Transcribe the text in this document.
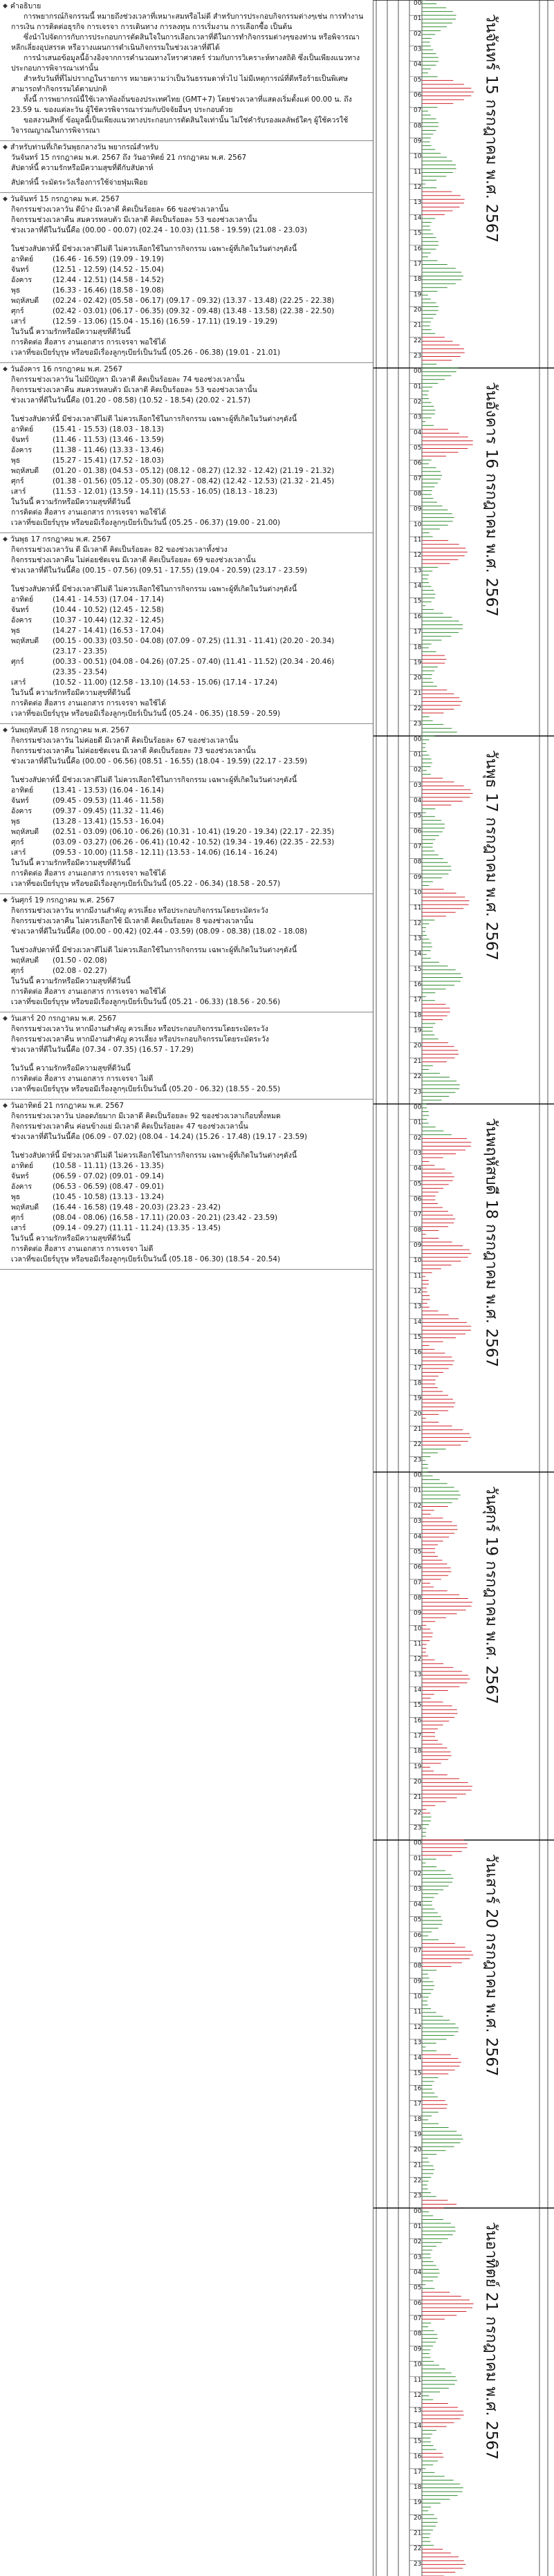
◆ คำอธิบาย

การพยากรณ์กิจกรรมนี้ หมายถึงช่วงเวลาที่เหมาะสมหรือไม่ดี สำหรับการประกอบกิจกรรมต่างๆเช่น การทำงาน การเงิน การติดต่อธุรกิจ การเจรจา การเดินทาง การลงทุน การเริ่มงาน การเลือกซื้อ เป็นต้น

ซึ่งนำไปจัดการกับการประกอบการตัดสินใจในการเลือกเวลาที่ดีในการทำกิจกรรมต่างๆของท่าน หรือพิจารณาหลีกเลี่ยงอุปสรรค หรือวางแผนการดำเนินกิจกรรมในช่วงเวลาที่ดีได้

การนำเสนอข้อมูลนี้อ้างอิงจากการคำนวณทางโหราศาสตร์ ร่วมกับการวิเคราะห์ทางสถิติ ซึ่งเป็นเพียงแนวทางประกอบการพิจารณาเท่านั้น

สำหรับวันที่ที่ไม่ปรากฏในรายการ หมายความว่าเป็นวันธรรมดาทั่วไป ไม่มีเหตุการณ์ที่ดีหรือร้ายเป็นพิเศษ สามารถทำกิจกรรมได้ตามปกติ

ทั้งนี้ การพยากรณ์นี้ใช้เวลาท้องถิ่นของประเทศไทย (GMT+7) โดยช่วงเวลาที่แสดงเริ่มตั้งแต่ 00.00 น. ถึง 23.59 น. ของแต่ละวัน ผู้ใช้ควรพิจารณาร่วมกับปัจจัยอื่นๆ ประกอบด้วย

ขอสงวนสิทธิ์ ข้อมูลนี้เป็นเพียงแนวทางประกอบการตัดสินใจเท่านั้น ไม่ใช่คำรับรองผลลัพธ์ใดๆ ผู้ใช้ควรใช้วิจารณญาณในการพิจารณา

◆ สำหรับท่านที่เกิดวันพุธกลางวัน พยากรณ์สำหรับ
วันจันทร์ 15 กรกฎาคม พ.ศ. 2567 ถึง วันอาทิตย์ 21 กรกฎาคม พ.ศ. 2567
สัปดาห์นี้ ความรักหรือมีความสุขที่ดีกับสัปดาห์
สัปดาห์นี้ ระมัดระวังเรื่องการใช้จ่ายฟุ่มเฟือย
◆ วันจันทร์ 15 กรกฎาคม พ.ศ. 2567
กิจกรรมช่วงเวลาวัน ดีบ้าง มีเวลาดี คิดเป็นร้อยละ 66 ของช่วงเวลานั้น
กิจกรรมช่วงเวลาคืน สมควรหลบตัว มีเวลาดี คิดเป็นร้อยละ 53 ของช่วงเวลานั้น
ช่วงเวลาที่ดีในวันนี้คือ (00.00 - 00.07) (02.24 - 10.03) (11.58 - 19.59) (21.08 - 23.03)
ในช่วงสัปดาห์นี้ มีช่วงเวลาดีไม่ดี ไม่ควรเลือกใช้ในการกิจกรรม เฉพาะผู้ที่เกิดในวันต่างๆดังนี้
อาทิตย์	(16.46 - 16.59) (19.09 - 19.19)
จันทร์	(12.51 - 12.59) (14.52 - 15.04)
อังคาร	(12.44 - 12.51) (14.58 - 14.52)
พุธ	(16.33 - 16.46) (18.58 - 19.08)
พฤหัสบดี	(02.24 - 02.42) (05.58 - 06.17) (09.17 - 09.32) (13.37 - 13.48) (22.25 - 22.38)
ศุกร์	(02.42 - 03.01) (06.17 - 06.35) (09.32 - 09.48) (13.48 - 13.58) (22.38 - 22.50)
เสาร์	(12.59 - 13.06) (15.04 - 15.16) (16.59 - 17.11) (19.19 - 19.29)
ในวันนี้ ความรักหรือมีความสุขที่ดีวันนี้
การติดต่อ สื่อสาร งานเอกสาร การเจรจา พอใช้ได้
เวลาที่ขอเบียร์บุรุษ หรือขอมีเรื่องลูกๆเบียร์เป็นวันนี้ (05.26 - 06.38) (19.01 - 21.01)
◆ วันอังคาร 16 กรกฎาคม พ.ศ. 2567
กิจกรรมช่วงเวลาวัน ไม่มีปัญหา มีเวลาดี คิดเป็นร้อยละ 74 ของช่วงเวลานั้น
กิจกรรมช่วงเวลาคืน สมควรหลบตัว มีเวลาดี คิดเป็นร้อยละ 53 ของช่วงเวลานั้น
ช่วงเวลาที่ดีในวันนี้คือ (01.20 - 08.58) (10.52 - 18.54) (20.02 - 21.57)
ในช่วงสัปดาห์นี้ มีช่วงเวลาดีไม่ดี ไม่ควรเลือกใช้ในการกิจกรรม เฉพาะผู้ที่เกิดในวันต่างๆดังนี้
อาทิตย์	(15.41 - 15.53) (18.03 - 18.13)
จันทร์	(11.46 - 11.53) (13.46 - 13.59)
อังคาร	(11.38 - 11.46) (13.33 - 13.46)
พุธ	(15.27 - 15.41) (17.52 - 18.03)
พฤหัสบดี	(01.20 - 01.38) (04.53 - 05.12) (08.12 - 08.27) (12.32 - 12.42) (21.19 - 21.32)
ศุกร์	(01.38 - 01.56) (05.12 - 05.30) (08.27 - 08.42) (12.42 - 12.53) (21.32 - 21.45)
เสาร์	(11.53 - 12.01) (13.59 - 14.11) (15.53 - 16.05) (18.13 - 18.23)
ในวันนี้ ความรักหรือมีความสุขที่ดีวันนี้
การติดต่อ สื่อสาร งานเอกสาร การเจรจา พอใช้ได้
เวลาที่ขอเบียร์บุรุษ หรือขอมีเรื่องลูกๆเบียร์เป็นวันนี้ (05.25 - 06.37) (19.00 - 21.00)
◆ วันพุธ 17 กรกฎาคม พ.ศ. 2567
กิจกรรมช่วงเวลาวัน ดี มีเวลาดี คิดเป็นร้อยละ 82 ของช่วงเวลาทั้งช่วง
กิจกรรมช่วงเวลาคืน ไม่ค่อยชัดเจน มีเวลาดี คิดเป็นร้อยละ 69 ของช่วงเวลานั้น
ช่วงเวลาที่ดีในวันนี้คือ (00.15 - 07.56) (09.51 - 17.55) (19.04 - 20.59) (23.17 - 23.59)
ในช่วงสัปดาห์นี้ มีช่วงเวลาดีไม่ดี ไม่ควรเลือกใช้ในการกิจกรรม เฉพาะผู้ที่เกิดในวันต่างๆดังนี้
อาทิตย์	(14.41 - 14.53) (17.04 - 17.14)
จันทร์	(10.44 - 10.52) (12.45 - 12.58)
อังคาร	(10.37 - 10.44) (12.32 - 12.45)
พุธ	(14.27 - 14.41) (16.53 - 17.04)
พฤหัสบดี	(00.15 - 00.33) (03.50 - 04.08) (07.09 - 07.25) (11.31 - 11.41) (20.20 - 20.34)
(23.17 - 23.35)
ศุกร์	(00.33 - 00.51) (04.08 - 04.26) (07.25 - 07.40) (11.41 - 11.52) (20.34 - 20.46)
(23.35 - 23.54)
เสาร์	(10.52 - 11.00) (12.58 - 13.10) (14.53 - 15.06) (17.14 - 17.24)
ในวันนี้ ความรักหรือมีความสุขที่ดีวันนี้
การติดต่อ สื่อสาร งานเอกสาร การเจรจา พอใช้ได้
เวลาที่ขอเบียร์บุรุษ หรือขอมีเรื่องลูกๆเบียร์เป็นวันนี้ (05.24 - 06.35) (18.59 - 20.59)
◆ วันพฤหัสบดี 18 กรกฎาคม พ.ศ. 2567
กิจกรรมช่วงเวลาวัน ไม่ค่อยดี มีเวลาดี คิดเป็นร้อยละ 67 ของช่วงเวลานั้น
กิจกรรมช่วงเวลาคืน ไม่ค่อยชัดเจน มีเวลาดี คิดเป็นร้อยละ 73 ของช่วงเวลานั้น
ช่วงเวลาที่ดีในวันนี้คือ (00.00 - 06.56) (08.51 - 16.55) (18.04 - 19.59) (22.17 - 23.59)
ในช่วงสัปดาห์นี้ มีช่วงเวลาดีไม่ดี ไม่ควรเลือกใช้ในการกิจกรรม เฉพาะผู้ที่เกิดในวันต่างๆดังนี้
อาทิตย์	(13.41 - 13.53) (16.04 - 16.14)
จันทร์	(09.45 - 09.53) (11.46 - 11.58)
อังคาร	(09.37 - 09.45) (11.32 - 11.46)
พุธ	(13.28 - 13.41) (15.53 - 16.04)
พฤหัสบดี	(02.51 - 03.09) (06.10 - 06.26) (10.31 - 10.41) (19.20 - 19.34) (22.17 - 22.35)
ศุกร์	(03.09 - 03.27) (06.26 - 06.41) (10.42 - 10.52) (19.34 - 19.46) (22.35 - 22.53)
เสาร์	(09.53 - 10.00) (11.58 - 12.11) (13.53 - 14.06) (16.14 - 16.24)
ในวันนี้ ความรักหรือมีความสุขที่ดีวันนี้
การติดต่อ สื่อสาร งานเอกสาร การเจรจา พอใช้ได้
เวลาที่ขอเบียร์บุรุษ หรือขอมีเรื่องลูกๆเบียร์เป็นวันนี้ (05.22 - 06.34) (18.58 - 20.57)
◆ วันศุกร์ 19 กรกฎาคม พ.ศ. 2567
กิจกรรมช่วงเวลาวัน หากมีงานสำคัญ ควรเลี่ยง หรือประกอบกิจกรรมโดยระมัดระวัง
กิจกรรมช่วงเวลาคืน ไม่ควรเลือกใช้ มีเวลาดี คิดเป็นร้อยละ 8 ของช่วงเวลานั้น
ช่วงเวลาที่ดีในวันนี้คือ (00.00 - 00.42) (02.44 - 03.59) (08.09 - 08.38) (18.02 - 18.08)
ในช่วงสัปดาห์นี้ มีช่วงเวลาดีไม่ดี ไม่ควรเลือกใช้ในการกิจกรรม เฉพาะผู้ที่เกิดในวันต่างๆดังนี้
พฤหัสบดี	(01.50 - 02.08)
ศุกร์	(02.08 - 02.27)
ในวันนี้ ความรักหรือมีความสุขที่ดีวันนี้
การติดต่อ สื่อสาร งานเอกสาร การเจรจา พอใช้ได้
เวลาที่ขอเบียร์บุรุษ หรือขอมีเรื่องลูกๆเบียร์เป็นวันนี้ (05.21 - 06.33) (18.56 - 20.56)
◆ วันเสาร์ 20 กรกฎาคม พ.ศ. 2567
กิจกรรมช่วงเวลาวัน หากมีงานสำคัญ ควรเลี่ยง หรือประกอบกิจกรรมโดยระมัดระวัง
กิจกรรมช่วงเวลาคืน หากมีงานสำคัญ ควรเลี่ยง หรือประกอบกิจกรรมโดยระมัดระวัง
ช่วงเวลาที่ดีในวันนี้คือ (07.34 - 07.35) (16.57 - 17.29)
ในวันนี้ ความรักหรือมีความสุขที่ดีวันนี้
การติดต่อ สื่อสาร งานเอกสาร การเจรจา ไม่ดี
เวลาที่ขอเบียร์บุรุษ หรือขอมีเรื่องลูกๆเบียร์เป็นวันนี้ (05.20 - 06.32) (18.55 - 20.55)
◆ วันอาทิตย์ 21 กรกฎาคม พ.ศ. 2567
กิจกรรมช่วงเวลาวัน ปลอดภัยมาก มีเวลาดี คิดเป็นร้อยละ 92 ของช่วงเวลาเกือบทั้งหมด
กิจกรรมช่วงเวลาคืน ค่อนข้างแย่ มีเวลาดี คิดเป็นร้อยละ 47 ของช่วงเวลานั้น
ช่วงเวลาที่ดีในวันนี้คือ (06.09 - 07.02) (08.04 - 14.24) (15.26 - 17.48) (19.17 - 23.59)
ในช่วงสัปดาห์นี้ มีช่วงเวลาดีไม่ดี ไม่ควรเลือกใช้ในการกิจกรรม เฉพาะผู้ที่เกิดในวันต่างๆดังนี้
อาทิตย์	(10.58 - 11.11) (13.26 - 13.35)
จันทร์	(06.59 - 07.02) (09.01 - 09.14)
อังคาร	(06.53 - 06.59) (08.47 - 09.01)
พุธ	(10.45 - 10.58) (13.13 - 13.24)
พฤหัสบดี	(16.44 - 16.58) (19.48 - 20.03) (23.23 - 23.42)
ศุกร์	(08.04 - 08.06) (16.58 - 17.11) (20.03 - 20.21) (23.42 - 23.59)
เสาร์	(09.14 - 09.27) (11.11 - 11.24) (13.35 - 13.45)
ในวันนี้ ความรักหรือมีความสุขที่ดีวันนี้
การติดต่อ สื่อสาร งานเอกสาร การเจรจา ไม่ดี
เวลาที่ขอเบียร์บุรุษ หรือขอมีเรื่องลูกๆเบียร์เป็นวันนี้ (05.18 - 06.30) (18.54 - 20.54)
00
01
02
03
04
05
06
07
08
09
10
11
12
13
14
15
16
17
18
19
20
21
22
23
วันจันทร์ 15 กรกฎาคม พ.ศ. 2567
00
01
02
03
04
05
06
07
08
09
10
11
12
13
14
15
16
17
18
19
20
21
22
23
วันอังคาร 16 กรกฎาคม พ.ศ. 2567
00
01
02
03
04
05
06
07
08
09
10
11
12
13
14
15
16
17
18
19
20
21
22
23
วันพุธ 17 กรกฎาคม พ.ศ. 2567
00
01
02
03
04
05
06
07
08
09
10
11
12
13
14
15
16
17
18
19
20
21
22
23
วันพฤหัสบดี 18 กรกฎาคม พ.ศ. 2567
00
01
02
03
04
05
06
07
08
09
10
11
12
13
14
15
16
17
18
19
20
21
22
23
วันศุกร์ 19 กรกฎาคม พ.ศ. 2567
00
01
02
03
04
05
06
07
08
09
10
11
12
13
14
15
16
17
18
19
20
21
22
23
วันเสาร์ 20 กรกฎาคม พ.ศ. 2567
00
01
02
03
04
05
06
07
08
09
10
11
12
13
14
15
16
17
18
19
20
21
22
23
วันอาทิตย์ 21 กรกฎาคม พ.ศ. 2567
